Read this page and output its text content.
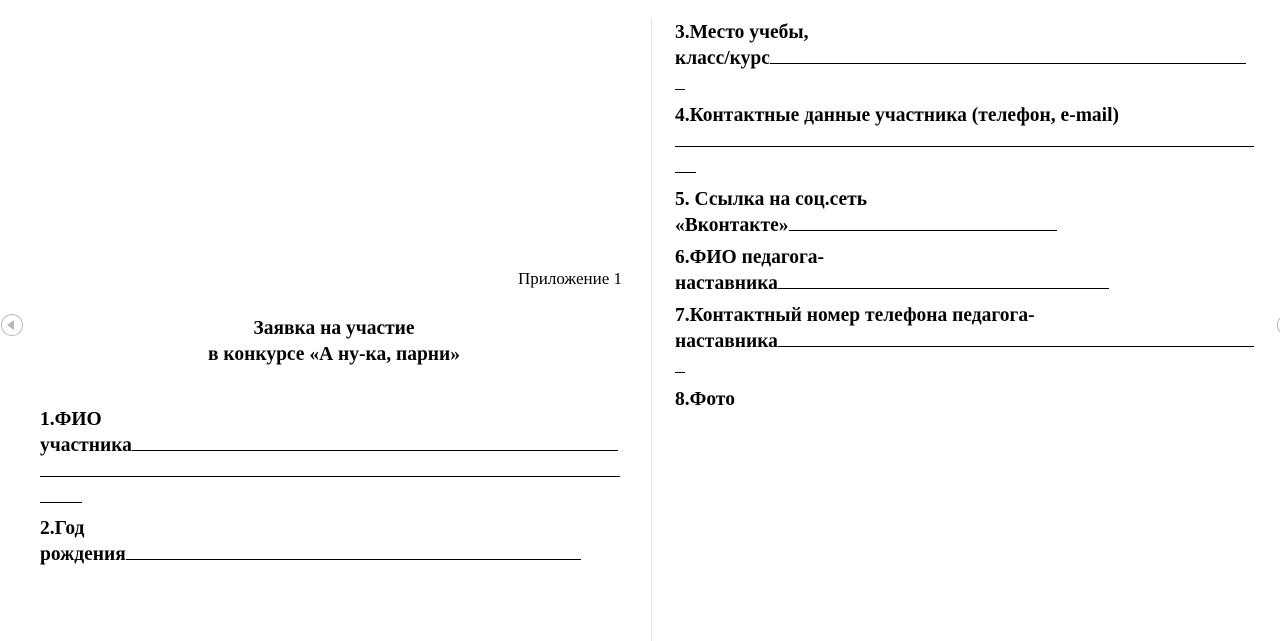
Приложение 1
Заявка на участие
в конкурсе «А ну-ка, парни»
1.ФИО
участника
2.Год
рождения
3.Место учебы,
класс/курс
4.Контактные данные участника (телефон, e-mail)
5. Ссылка на соц.сеть
«Вконтакте»
6.ФИО педагога-
наставника
7.Контактный номер телефона педагога-
наставника
8.Фото
